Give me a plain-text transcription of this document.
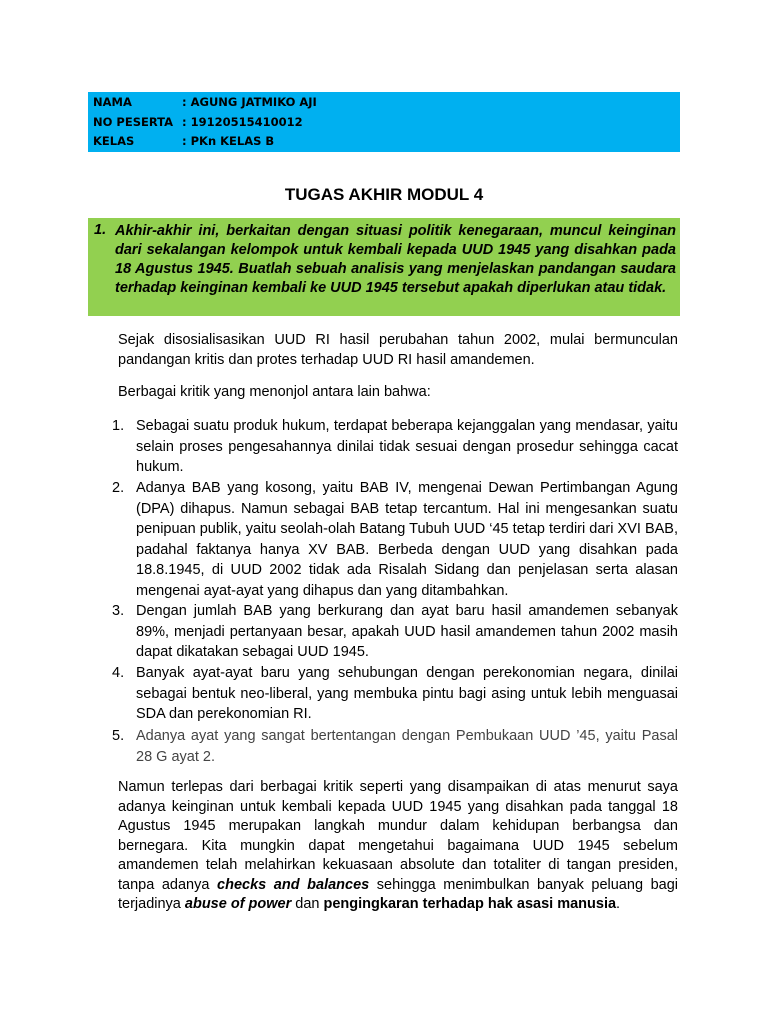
NAMA	: AGUNG JATMIKO AJI
NO PESERTA : 19120515410012
KELAS	: PKn KELAS B
TUGAS AKHIR MODUL 4
1. Akhir-akhir ini, berkaitan dengan situasi politik kenegaraan, muncul keinginan dari sekalangan kelompok untuk kembali kepada UUD 1945 yang disahkan pada 18 Agustus 1945. Buatlah sebuah analisis yang menjelaskan pandangan saudara terhadap keinginan kembali ke UUD 1945 tersebut apakah diperlukan atau tidak.
Sejak disosialisasikan UUD RI hasil perubahan tahun 2002, mulai bermunculan pandangan kritis dan protes terhadap UUD RI hasil amandemen.
Berbagai kritik yang menonjol antara lain bahwa:
1. Sebagai suatu produk hukum, terdapat beberapa kejanggalan yang mendasar, yaitu selain proses pengesahannya dinilai tidak sesuai dengan prosedur sehingga cacat hukum.
2. Adanya BAB yang kosong, yaitu BAB IV, mengenai Dewan Pertimbangan Agung (DPA) dihapus. Namun sebagai BAB tetap tercantum. Hal ini mengesankan suatu penipuan publik, yaitu seolah-olah Batang Tubuh UUD ‘45 tetap terdiri dari XVI BAB, padahal faktanya hanya XV BAB. Berbeda dengan UUD yang disahkan pada 18.8.1945, di UUD 2002 tidak ada Risalah Sidang dan penjelasan serta alasan mengenai ayat-ayat yang dihapus dan yang ditambahkan.
3. Dengan jumlah BAB yang berkurang dan ayat baru hasil amandemen sebanyak 89%, menjadi pertanyaan besar, apakah UUD hasil amandemen tahun 2002 masih dapat dikatakan sebagai UUD 1945.
4. Banyak ayat-ayat baru yang sehubungan dengan perekonomian negara, dinilai sebagai bentuk neo-liberal, yang membuka pintu bagi asing untuk lebih menguasai SDA dan perekonomian RI.
5. Adanya ayat yang sangat bertentangan dengan Pembukaan UUD ’45, yaitu Pasal 28 G ayat 2.
Namun terlepas dari berbagai kritik seperti yang disampaikan di atas menurut saya adanya keinginan untuk kembali kepada UUD 1945 yang disahkan pada tanggal 18 Agustus 1945 merupakan langkah mundur dalam kehidupan berbangsa dan bernegara. Kita mungkin dapat mengetahui bagaimana UUD 1945 sebelum amandemen telah melahirkan kekuasaan absolute dan totaliter di tangan presiden, tanpa adanya checks and balances sehingga menimbulkan banyak peluang bagi terjadinya abuse of power dan pengingkaran terhadap hak asasi manusia.
